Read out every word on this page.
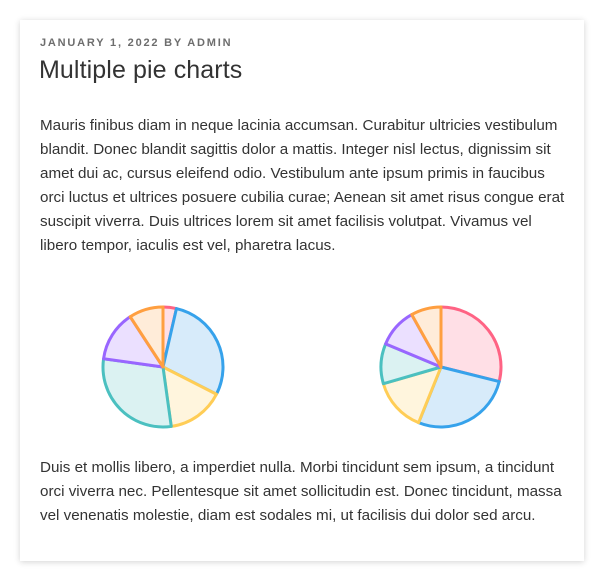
JANUARY 1, 2022 BY ADMIN
Multiple pie charts

Mauris finibus diam in neque lacinia accumsan. Curabitur ultricies vestibulum blandit. Donec blandit sagittis dolor a mattis. Integer nisl lectus, dignissim sit amet dui ac, cursus eleifend odio. Vestibulum ante ipsum primis in faucibus orci luctus et ultrices posuere cubilia curae; Aenean sit amet risus congue erat suscipit viverra. Duis ultrices lorem sit amet facilisis volutpat. Vivamus vel libero tempor, iaculis est vel, pharetra lacus.

Duis et mollis libero, a imperdiet nulla. Morbi tincidunt sem ipsum, a tincidunt orci viverra nec. Pellentesque sit amet sollicitudin est. Donec tincidunt, massa vel venenatis molestie, diam est sodales mi, ut facilisis dui dolor sed arcu.
